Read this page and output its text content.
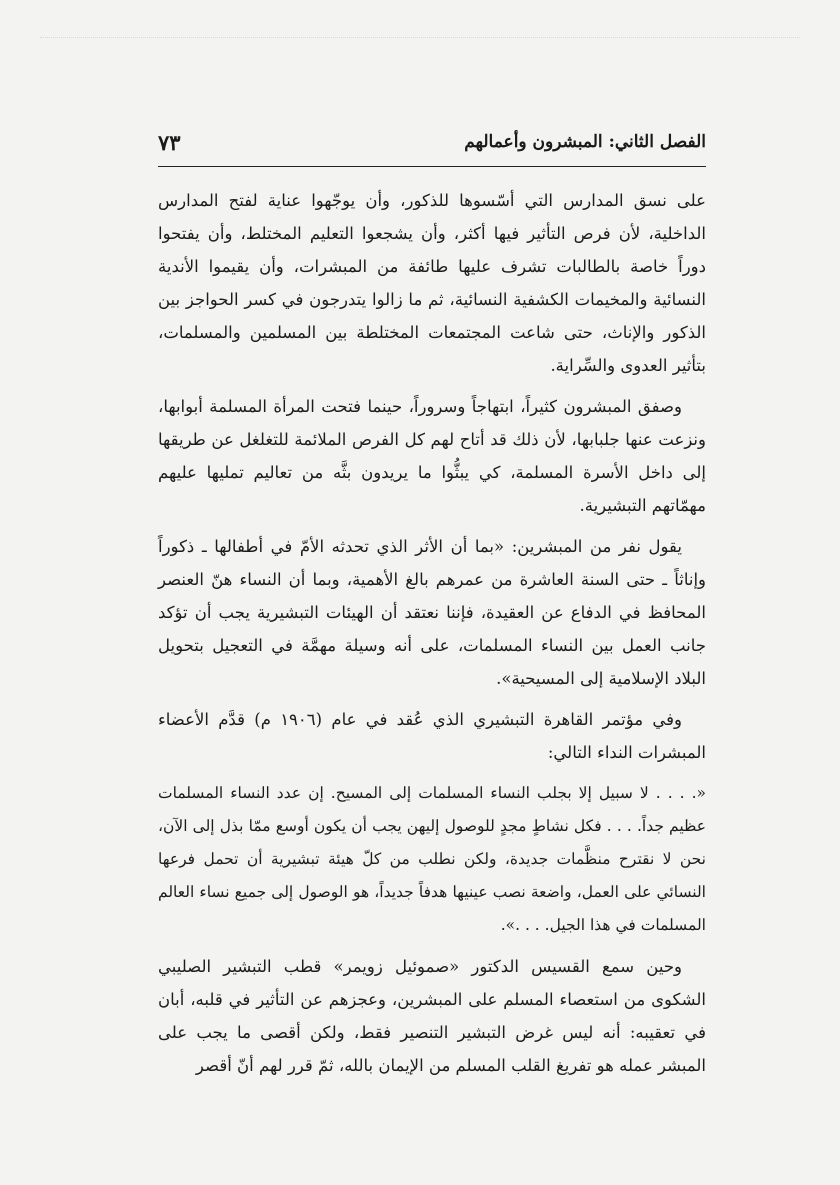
الفصل الثاني: المبشرون وأعمالهم
٧٣

على نسق المدارس التي أسّسوها للذكور، وأن يوجّهوا عناية لفتح المدارس الداخلية، لأن فرص التأثير فيها أكثر، وأن يشجعوا التعليم المختلط، وأن يفتحوا دوراً خاصة بالطالبات تشرف عليها طائفة من المبشرات، وأن يقيموا الأندية النسائية والمخيمات الكشفية النسائية، ثم ما زالوا يتدرجون في كسر الحواجز بين الذكور والإناث، حتى شاعت المجتمعات المختلطة بين المسلمين والمسلمات، بتأثير العدوى والسِّراية.

وصفق المبشرون كثيراً، ابتهاجاً وسروراً، حينما فتحت المرأة المسلمة أبوابها، ونزعت عنها جلبابها، لأن ذلك قد أتاح لهم كل الفرص الملائمة للتغلغل عن طريقها إلى داخل الأسرة المسلمة، كي يبثُّوا ما يريدون بثَّه من تعاليم تمليها عليهم مهمّاتهم التبشيرية.

يقول نفر من المبشرين: «بما أن الأثر الذي تحدثه الأمّ في أطفالها ـ ذكوراً وإناثاً ـ حتى السنة العاشرة من عمرهم بالغ الأهمية، وبما أن النساء هنّ العنصر المحافظ في الدفاع عن العقيدة، فإننا نعتقد أن الهيئات التبشيرية يجب أن تؤكد جانب العمل بين النساء المسلمات، على أنه وسيلة مهمَّة في التعجيل بتحويل البلاد الإسلامية إلى المسيحية».

وفي مؤتمر القاهرة التبشيري الذي عُقد في عام (١٩٠٦ م) قدَّم الأعضاء المبشرات النداء التالي:

«. . . . لا سبيل إلا بجلب النساء المسلمات إلى المسيح. إن عدد النساء المسلمات عظيم جداً. . . . فكل نشاطٍ مجدٍ للوصول إليهن يجب أن يكون أوسع ممّا بذل إلى الآن، نحن لا نقترح منظَّمات جديدة، ولكن نطلب من كلّ هيئة تبشيرية أن تحمل فرعها النسائي على العمل، واضعة نصب عينيها هدفاً جديداً، هو الوصول إلى جميع نساء العالم المسلمات في هذا الجيل. . . .».

وحين سمع القسيس الدكتور «صموئيل زويمر» قطب التبشير الصليبي الشكوى من استعصاء المسلم على المبشرين، وعجزهم عن التأثير في قلبه، أبان في تعقيبه: أنه ليس غرض التبشير التنصير فقط، ولكن أقصى ما يجب على المبشر عمله هو تفريغ القلب المسلم من الإيمان بالله، ثمّ قرر لهم أنّ أقصر
